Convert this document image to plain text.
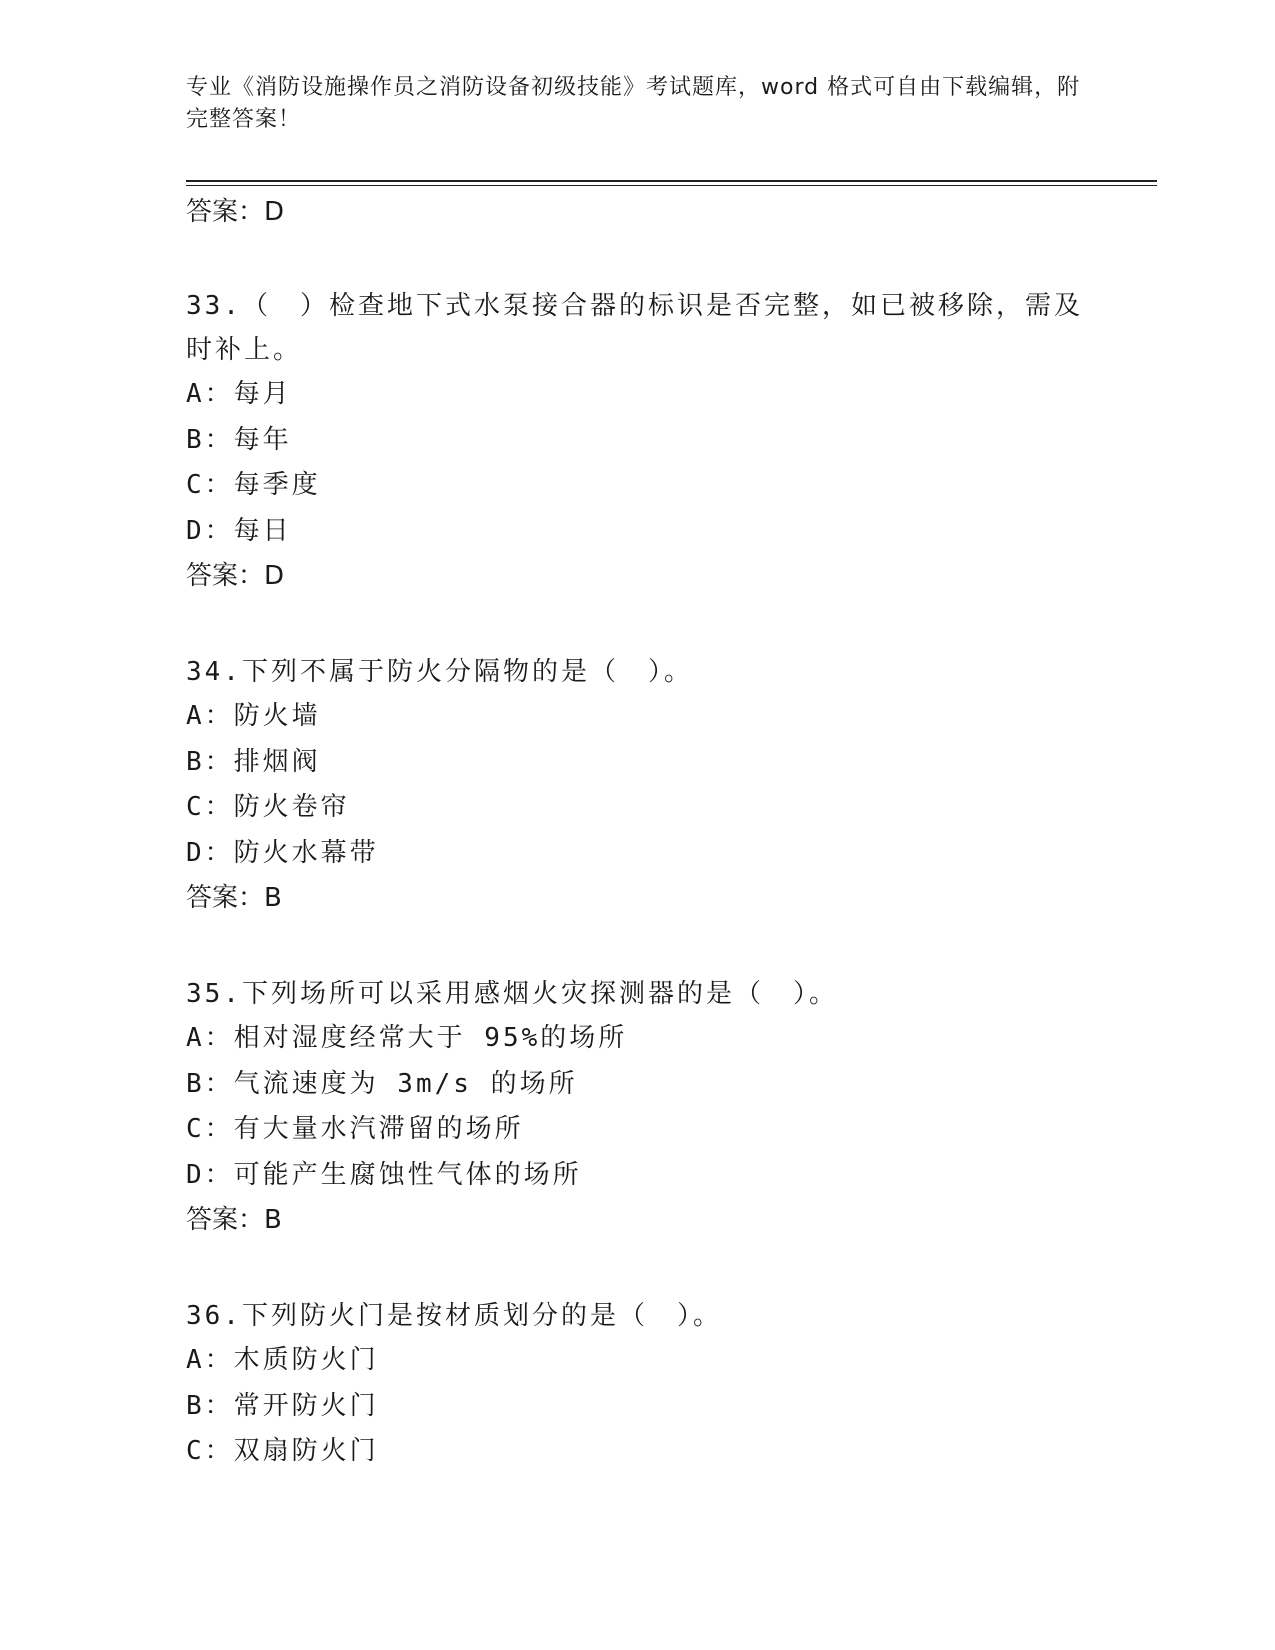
专业《消防设施操作员之消防设备初级技能》考试题库，word 格式可自由下载编辑，附完整答案！
答案：D
33.（　）检查地下式水泵接合器的标识是否完整，如已被移除，需及时补上。
A：每月
B：每年
C：每季度
D：每日
答案：D
34.下列不属于防火分隔物的是（　）。
A：防火墙
B：排烟阀
C：防火卷帘
D：防火水幕带
答案：B
35.下列场所可以采用感烟火灾探测器的是（　）。
A：相对湿度经常大于 95%的场所
B：气流速度为 3m/s 的场所
C：有大量水汽滞留的场所
D：可能产生腐蚀性气体的场所
答案：B
36.下列防火门是按材质划分的是（　）。
A：木质防火门
B：常开防火门
C：双扇防火门
